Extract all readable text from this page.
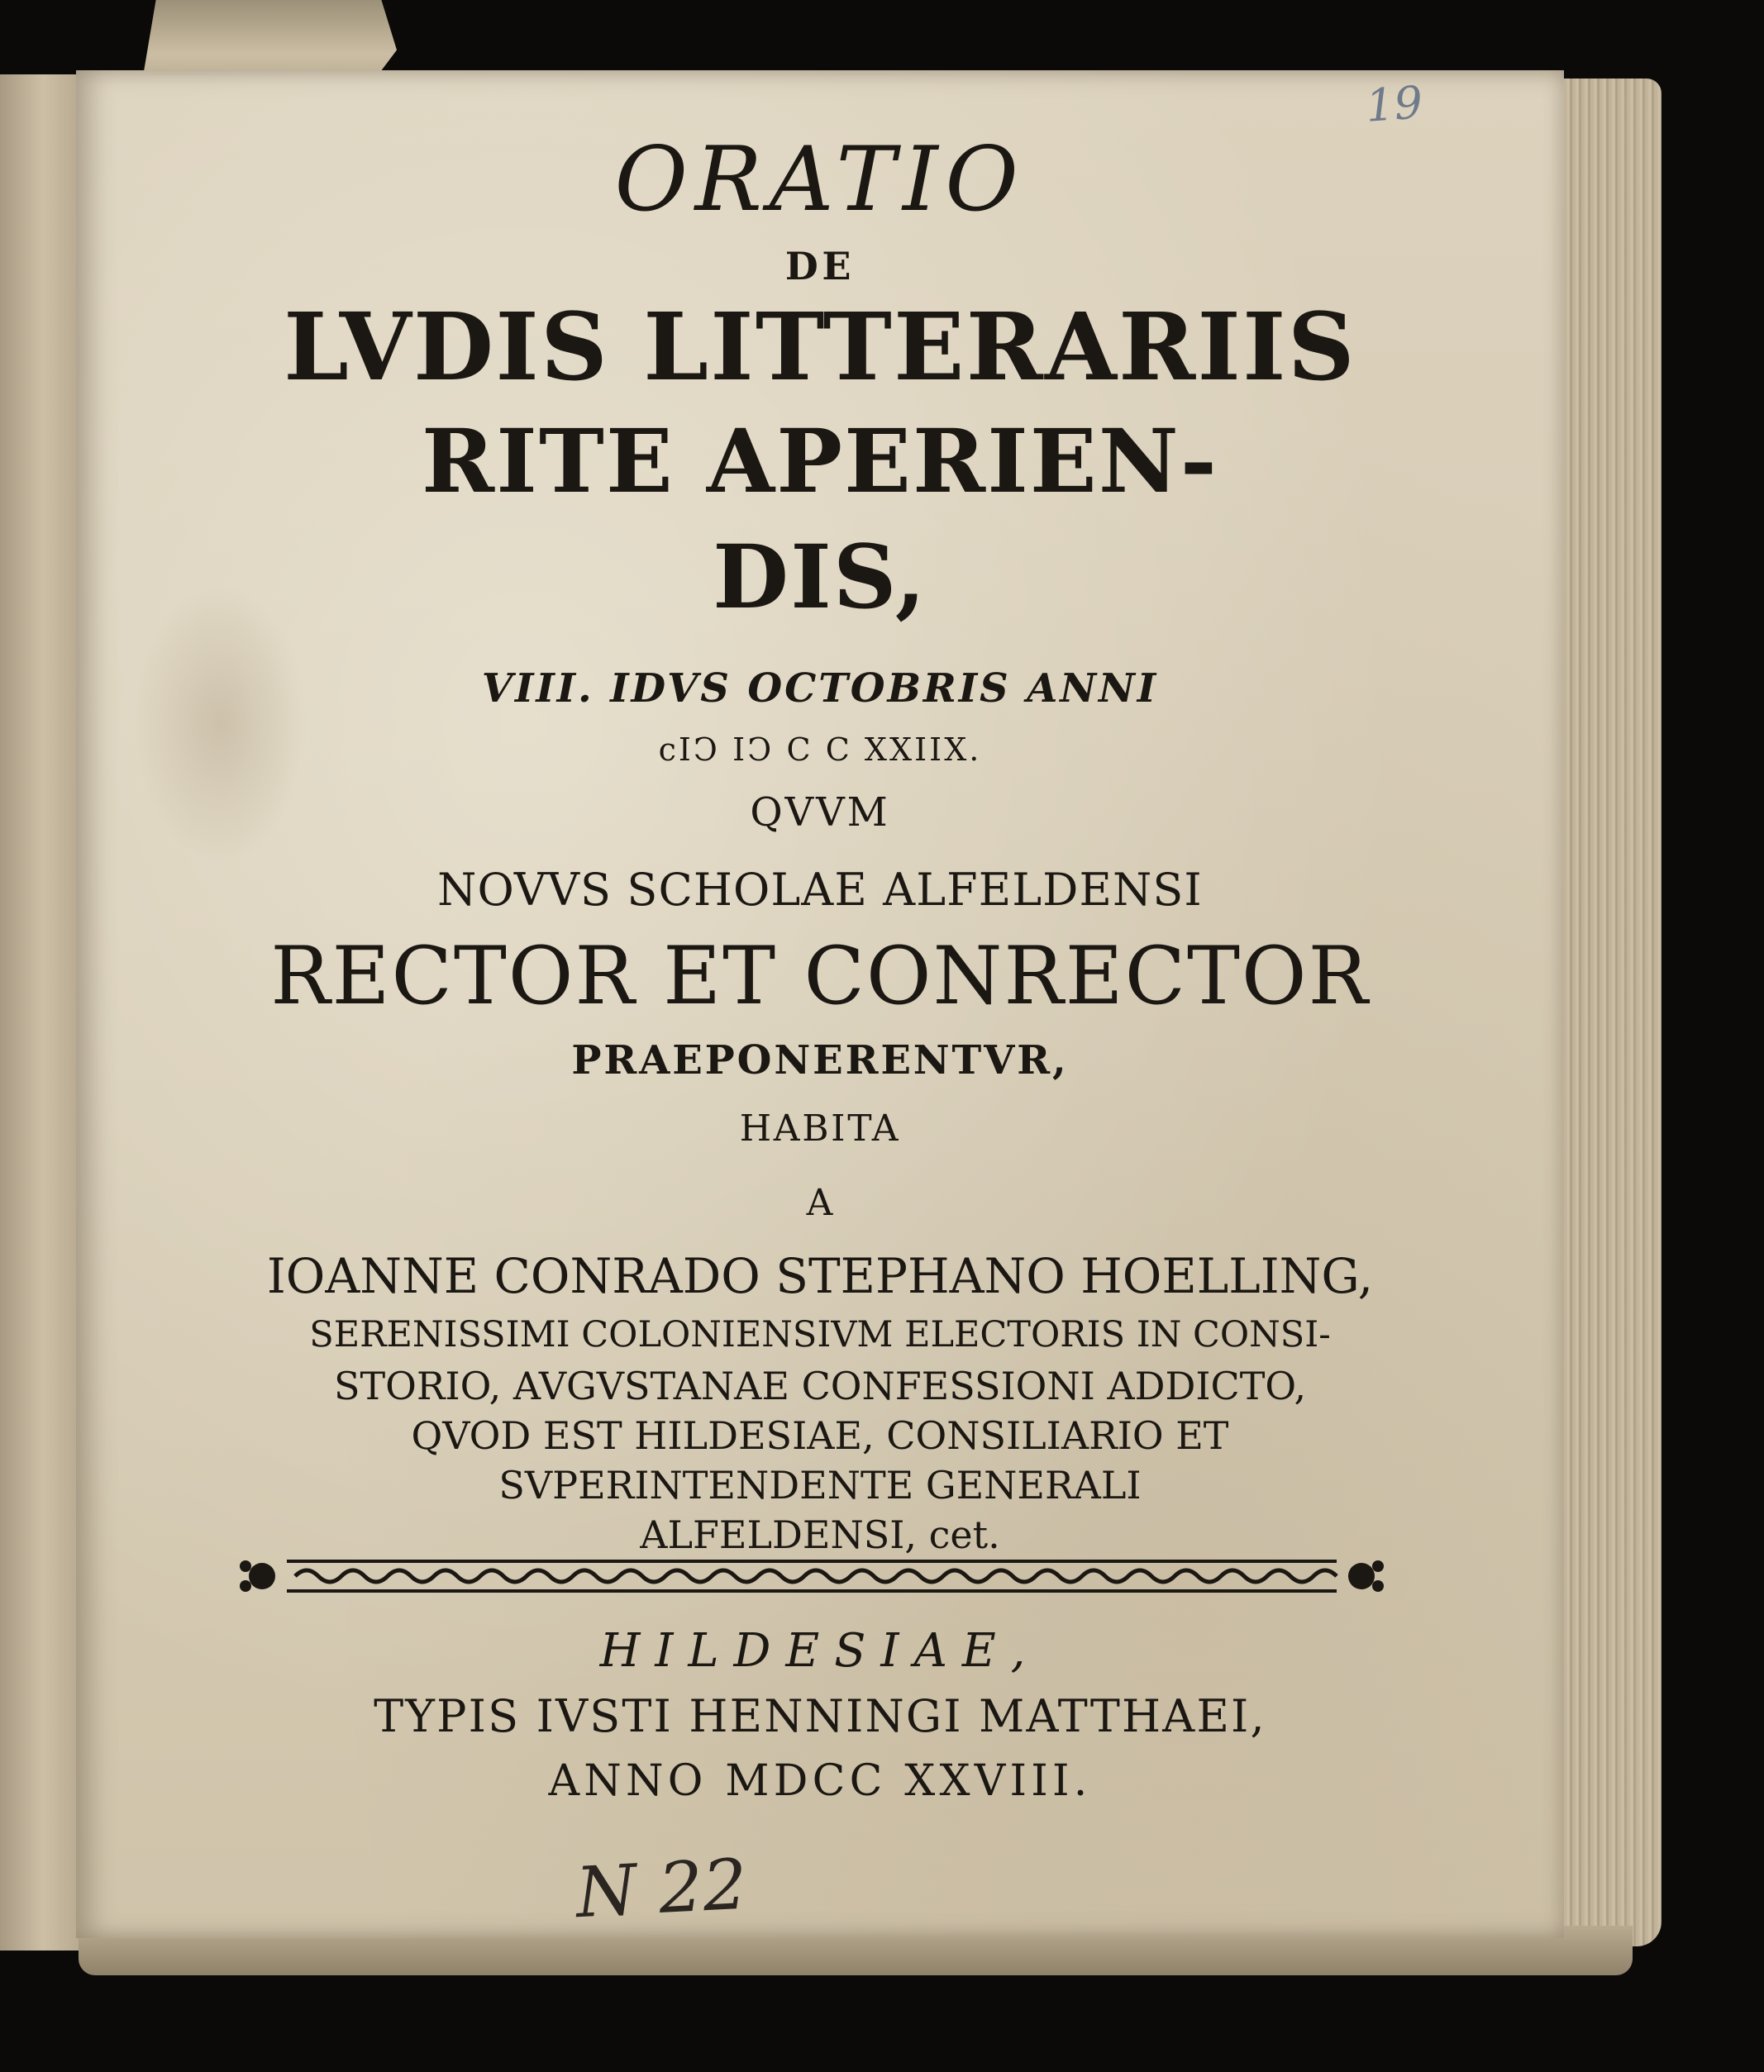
19
ORATIO
DE
LVDIS LITTERARIIS
RITE APERIEN-
DIS,
VIII. IDVS OCTOBRIS ANNI
cIↃ IↃ C C XXIIX.
QVVM
NOVVS SCHOLAE ALFELDENSI
RECTOR ET CONRECTOR
PRAEPONERENTVR,
HABITA
A
IOANNE CONRADO STEPHANO HOELLING,
SERENISSIMI COLONIENSIVM ELECTORIS IN CONSI-
STORIO, AVGVSTANAE CONFESSIONI ADDICTO,
QVOD EST HILDESIAE, CONSILIARIO ET
SVPERINTENDENTE GENERALI
ALFELDENSI, cet.
HILDESIAE,
TYPIS IVSTI HENNINGI MATTHAEI,
ANNO MDCC XXVIII.
N 22
